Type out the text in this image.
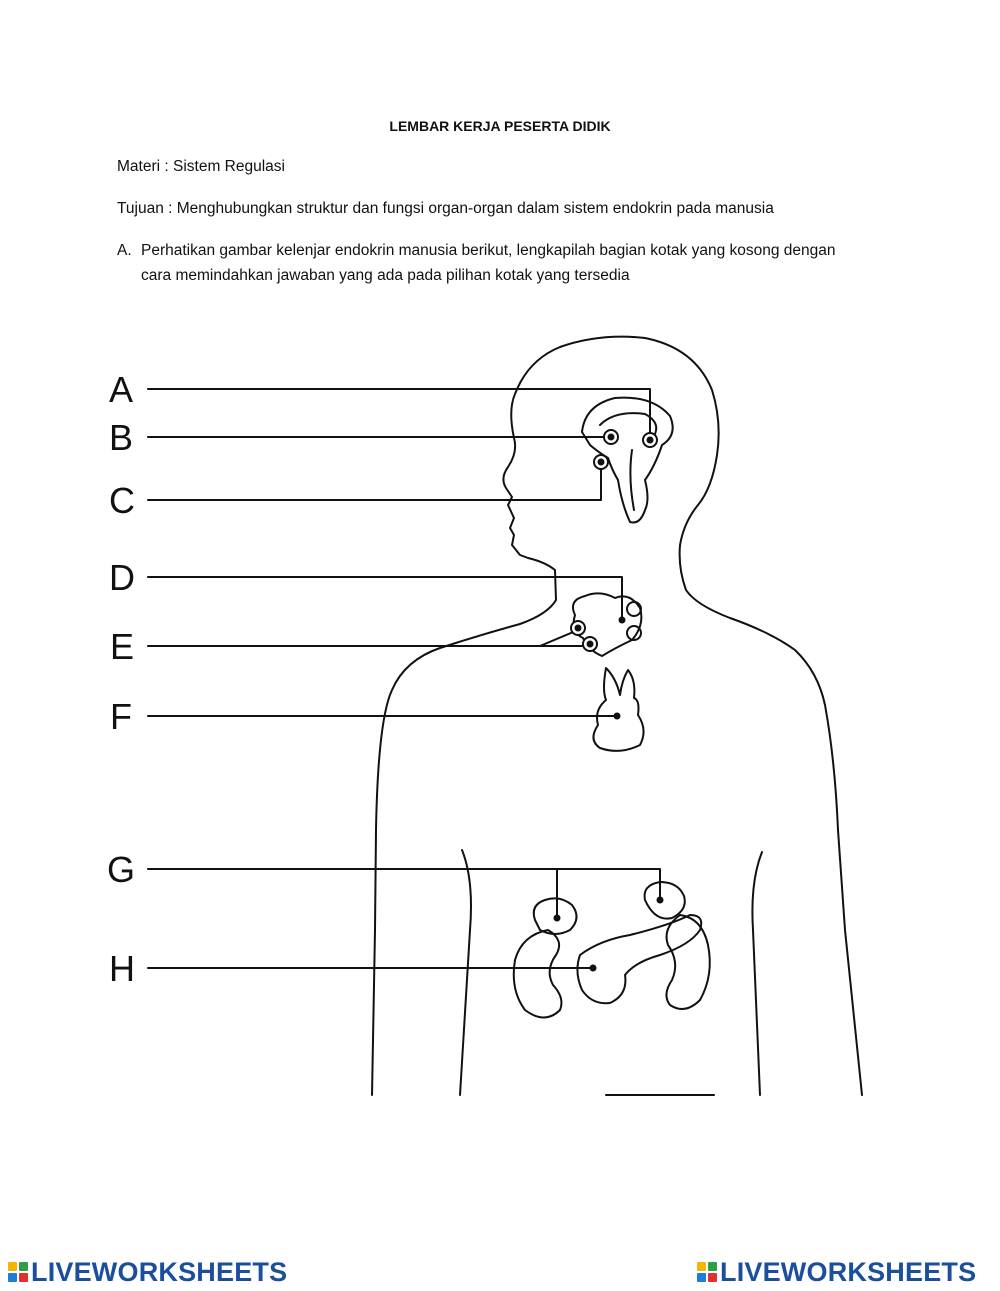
LEMBAR KERJA PESERTA DIDIK
Materi : Sistem Regulasi
Tujuan : Menghubungkan struktur dan fungsi organ-organ dalam sistem endokrin pada manusia
A. Perhatikan gambar kelenjar endokrin manusia berikut, lengkapilah bagian kotak yang kosong dengan
cara memindahkan jawaban yang ada pada pilihan kotak yang tersedia
A
B
C
D
E
F
G
H
LIVEWORKSHEETS	LIVEWORKSHEETS
